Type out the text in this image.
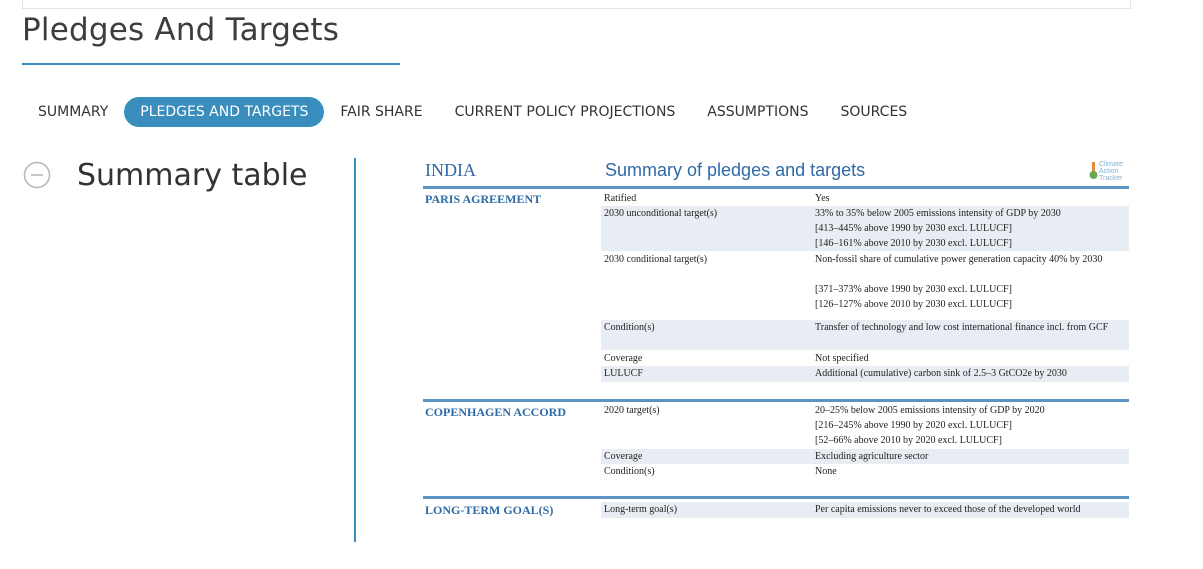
Pledges And Targets
SUMMARY	PLEDGES AND TARGETS	FAIR SHARE	CURRENT POLICY PROJECTIONS	ASSUMPTIONS	SOURCES
Summary table	INDIA	Summary of pledges and targets	Climate
Action
Tracker
PARIS AGREEMENT	Ratified	Yes
2030 unconditional target(s)	33% to 35% below 2005 emissions intensity of GDP by 2030
[413–445% above 1990 by 2030 excl. LULUCF]
[146–161% above 2010 by 2030 excl. LULUCF]
2030 conditional target(s)	Non-fossil share of cumulative power generation capacity 40% by 2030
[371–373% above 1990 by 2030 excl. LULUCF]
[126–127% above 2010 by 2030 excl. LULUCF]
Condition(s)	Transfer of technology and low cost international finance incl. from GCF
Coverage	Not specified
LULUCF	Additional (cumulative) carbon sink of 2.5–3 GtCO2e by 2030
COPENHAGEN ACCORD	2020 target(s)	20–25% below 2005 emissions intensity of GDP by 2020
[216–245% above 1990 by 2020 excl. LULUCF]
[52–66% above 2010 by 2020 excl. LULUCF]
Coverage	Excluding agriculture sector
Condition(s)	None
LONG-TERM GOAL(S)	Long-term goal(s)	Per capita emissions never to exceed those of the developed world
